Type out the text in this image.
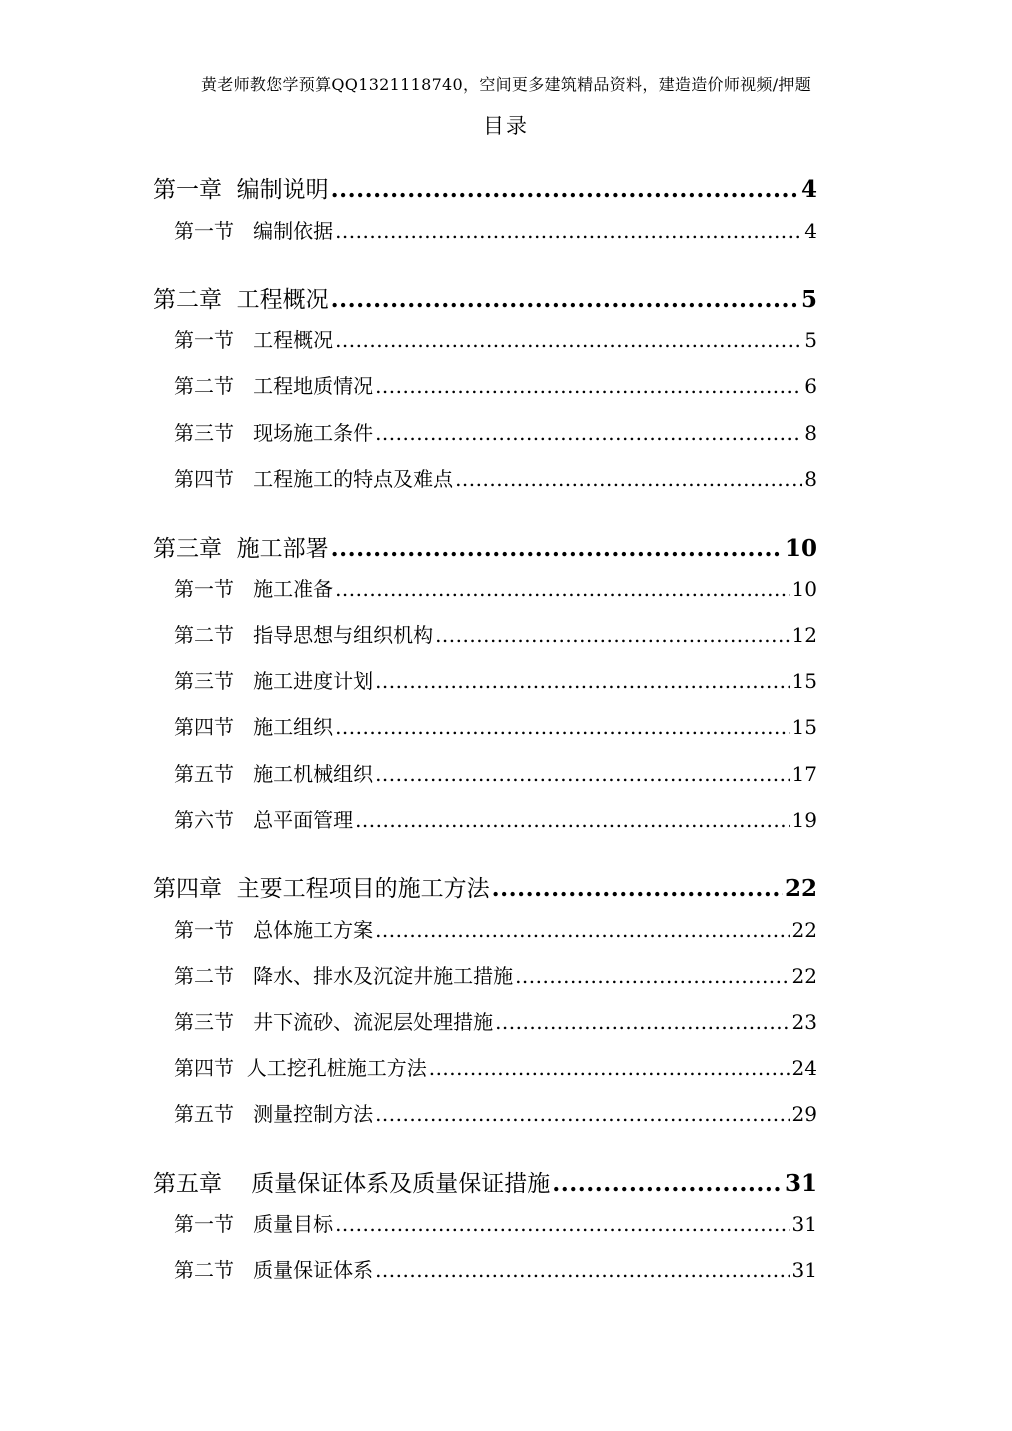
黄老师教您学预算QQ1321118740，空间更多建筑精品资料，建造造价师视频/押题
目录
第一章  编制说明 .....	4
第一节   编制依据 .....	4
第二章  工程概况 .....	5
第一节   工程概况 .....	5
第二节   工程地质情况 .....	6
第三节   现场施工条件 .....	8
第四节   工程施工的特点及难点 .....	8
第三章  施工部署 .....	10
第一节   施工准备 .....	10
第二节   指导思想与组织机构 .....	12
第三节   施工进度计划 .....	15
第四节   施工组织 .....	15
第五节   施工机械组织 .....	17
第六节   总平面管理 .....	19
第四章  主要工程项目的施工方法 .....	22
第一节   总体施工方案 .....	22
第二节   降水、排水及沉淀井施工措施 .....	22
第三节   井下流砂、流泥层处理措施 .....	23
第四节  人工挖孔桩施工方法 .....	24
第五节   测量控制方法 .....	29
第五章    质量保证体系及质量保证措施 .....	31
第一节   质量目标 .....	31
第二节   质量保证体系 .....	31
